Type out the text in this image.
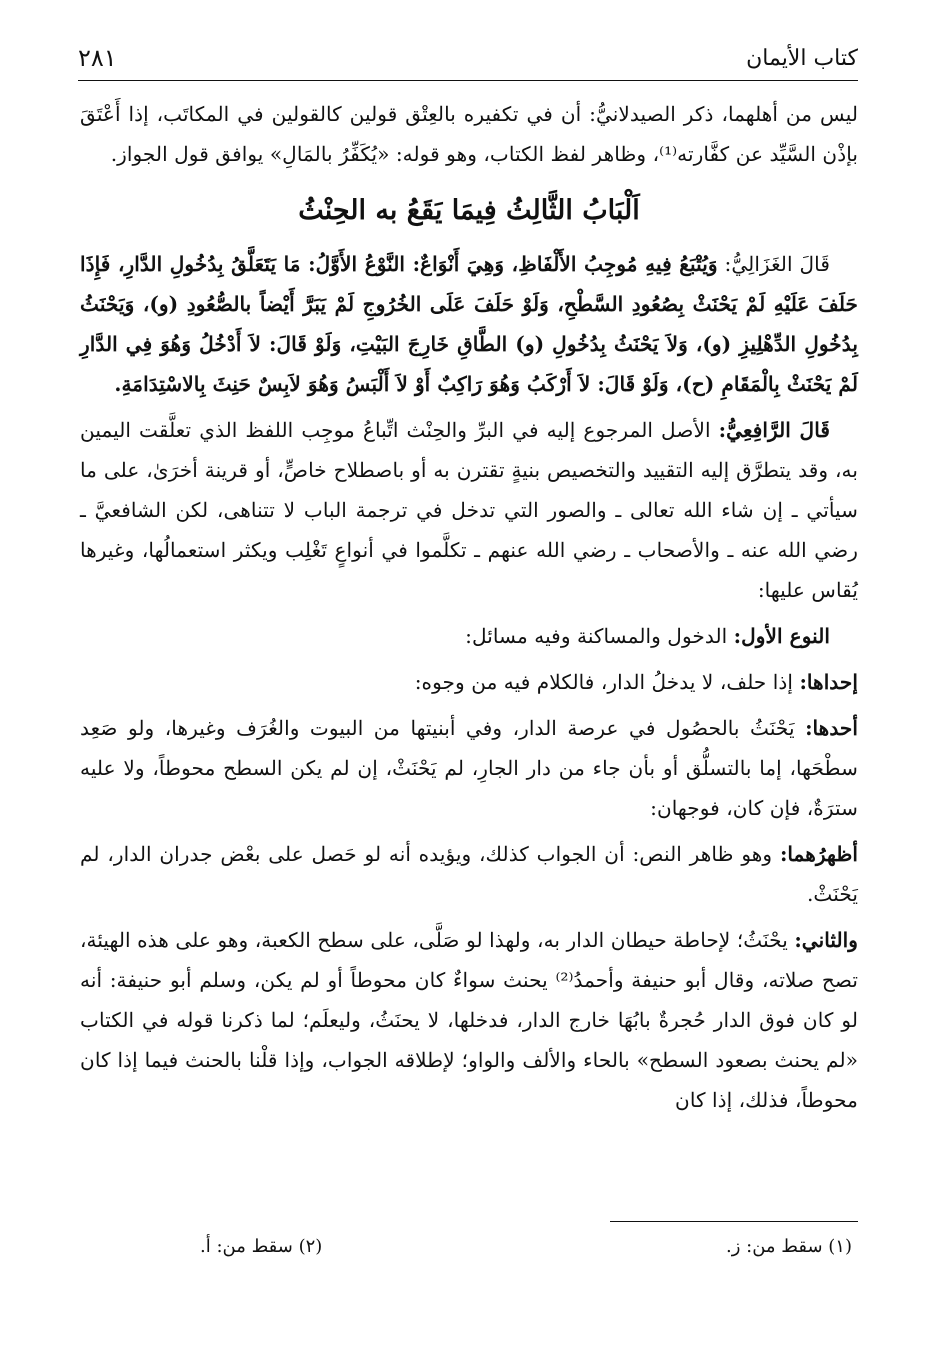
كتاب الأيمان
٢٨١

ليس من أهلهما، ذكر الصيدلانيُّ: أن في تكفيره بالعِتْق قولين كالقولين في المكاتَب، إذا أَعْتَقَ بإذْن السَّيِّد عن كفَّارته⁽¹⁾، وظاهر لفظ الكتاب، وهو قوله: «يُكَفِّرُ بالمَالِ» يوافق قول الجواز.

اَلْبَابُ الثَّالِثُ فِيمَا يَقَعُ به الحِنْثُ

قَالَ الغَزَالِيُّ: وَيُتْبَعُ فِيهِ مُوجِبُ الأَلْفَاظِ، وَهِيَ أَنْوَاعٌ: النَّوْعُ الأَوَّلُ: مَا يَتَعَلَّقُ بِدُخُولِ الدَّارِ، فَإِذَا حَلَفَ عَلَيْهِ لَمْ يَحْنَثْ بِصُعُودِ السَّطْحِ، وَلَوْ حَلَفَ عَلَى الخُرُوجِ لَمْ يَبَرَّ أَيْضاً بالصُّعُودِ (و)، وَيَحْنَثُ بِدُخُولِ الدِّهْلِيزِ (و)، وَلاَ يَحْنَثُ بِدُخُولِ (و) الطَّاقِ خَارِجَ البَيْتِ، وَلَوْ قَالَ: لاَ أَدْخُلُ وَهُوَ فِي الدَّارِ لَمْ يَحْنَثْ بِالْمَقَامِ (ح)، وَلَوْ قَالَ: لاَ أَرْكَبُ وَهُوَ رَاكِبٌ أَوْ لاَ أَلْبَسُ وَهُوَ لاَبِسٌ حَنِثَ بِالاسْتِدَامَةِ.

قَالَ الرَّافِعِيُّ: الأصل المرجوع إليه في البرِّ والحِنْث اتِّباعُ موجِب اللفظ الذي تعلَّقت اليمين به، وقد يتطرَّق إليه التقييد والتخصيص بنيةٍ تقترن به أو باصطلاح خاصٍّ، أو قرينة أخرَىٰ، على ما سيأتي ـ إن شاء الله تعالى ـ والصور التي تدخل في ترجمة الباب لا تتناهى، لكن الشافعيَّ ـ رضي الله عنه ـ والأصحاب ـ رضي الله عنهم ـ تكلَّموا في أنواعٍ تَغْلِب ويكثر استعمالُها، وغيرها يُقاس عليها:

النوع الأول: الدخول والمساكنة وفيه مسائل:

إحداها: إذا حلف، لا يدخلُ الدار، فالكلام فيه من وجوه:

أحدها: يَحْنَثُ بالحصُول في عرصة الدار، وفي أبنيتها من البيوت والغُرَف وغيرها، ولو صَعِد سطْحَها، إما بالتسلُّق أو بأن جاء من دار الجارِ، لم يَحْنَثْ، إن لم يكن السطح محوطاً، ولا عليه سترَةٌ، فإن كان، فوجهان:

أظهرُهما: وهو ظاهر النص: أن الجواب كذلك، ويؤيده أنه لو حَصل على بعْض جدران الدار، لم يَحْنَثْ.

والثاني: يحْنَثُ؛ لإحاطة حيطان الدار به، ولهذا لو صَلَّى، على سطح الكعبة، وهو على هذه الهيئة، تصح صلاته، وقال أبو حنيفة وأحمدُ⁽²⁾ يحنث سواءٌ كان محوطاً أو لم يكن، وسلم أبو حنيفة: أنه لو كان فوق الدار حُجرةٌ بابُهَا خارج الدار، فدخلها، لا يحنَثُ، وليعلَم؛ لما ذكرنا قوله في الكتاب «لم يحنث بصعود السطح» بالحاء والألف والواو؛ لإطلاقه الجواب، وإذا قلْنا بالحنث فيما إذا كان محوطاً، فذلك، إذا كان

(١) سقط من: ز.
(٢) سقط من: أ.
